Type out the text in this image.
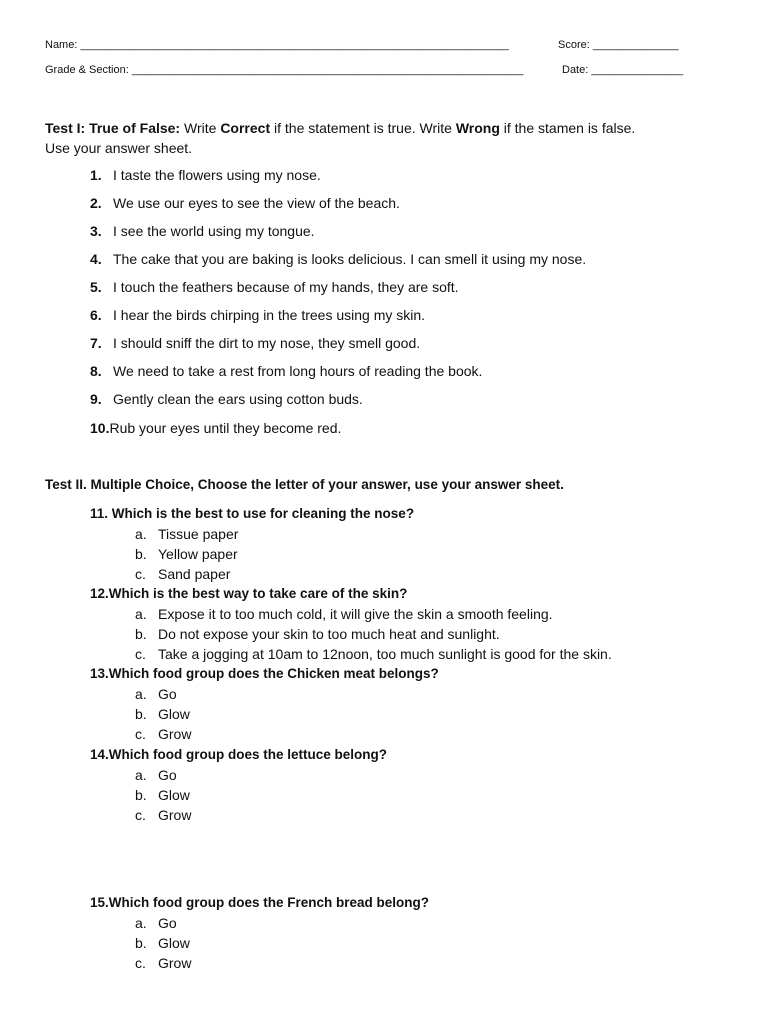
Name: ______________________________________________________________________	Score: ______________
Grade & Section: ________________________________________________________________	Date: _______________
Test I: True of False: Write Correct if the statement is true. Write Wrong if the stamen is false.
Use your answer sheet.
1. I taste the flowers using my nose.
2. We use our eyes to see the view of the beach.
3. I see the world using my tongue.
4. The cake that you are baking is looks delicious. I can smell it using my nose.
5. I touch the feathers because of my hands, they are soft.
6. I hear the birds chirping in the trees using my skin.
7. I should sniff the dirt to my nose, they smell good.
8. We need to take a rest from long hours of reading the book.
9. Gently clean the ears using cotton buds.
10.Rub your eyes until they become red.
Test II. Multiple Choice, Choose the letter of your answer, use your answer sheet.
11. Which is the best to use for cleaning the nose?
a. Tissue paper
b. Yellow paper
c. Sand paper
12.Which is the best way to take care of the skin?
a. Expose it to too much cold, it will give the skin a smooth feeling.
b. Do not expose your skin to too much heat and sunlight.
c. Take a jogging at 10am to 12noon, too much sunlight is good for the skin.
13.Which food group does the Chicken meat belongs?
a. Go
b. Glow
c. Grow
14.Which food group does the lettuce belong?
a. Go
b. Glow
c. Grow
15.Which food group does the French bread belong?
a. Go
b. Glow
c. Grow
